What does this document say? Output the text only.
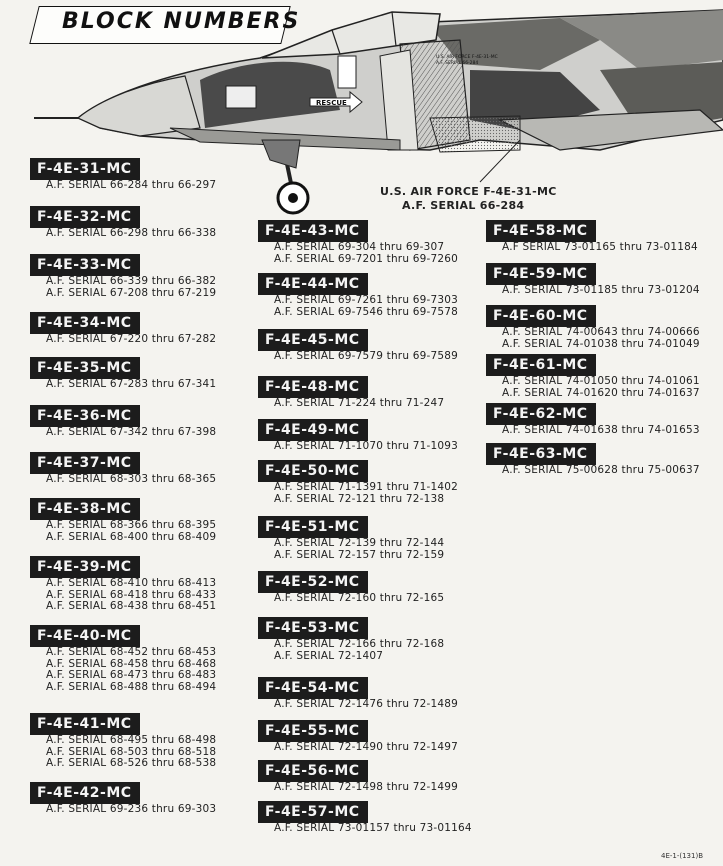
BLOCK NUMBERS
RESCUE
U.S. AIR FORCE F-4E-31-MC
A.F. SERIAL 66-284
U.S. AIR FORCE F-4E-31-MC
A.F. SERIAL 66-284
F-4E-31-MC
A.F. SERIAL 66-284 thru 66-297
F-4E-32-MC
A.F. SERIAL 66-298 thru 66-338
F-4E-33-MC
A.F. SERIAL 66-339 thru 66-382
A.F. SERIAL 67-208 thru 67-219
F-4E-34-MC
A.F. SERIAL 67-220 thru 67-282
F-4E-35-MC
A.F. SERIAL 67-283 thru 67-341
F-4E-36-MC
A.F. SERIAL 67-342 thru 67-398
F-4E-37-MC
A.F. SERIAL 68-303 thru 68-365
F-4E-38-MC
A.F. SERIAL 68-366 thru 68-395
A.F. SERIAL 68-400 thru 68-409
F-4E-39-MC
A.F. SERIAL 68-410 thru 68-413
A.F. SERIAL 68-418 thru 68-433
A.F. SERIAL 68-438 thru 68-451
F-4E-40-MC
A.F. SERIAL 68-452 thru 68-453
A.F. SERIAL 68-458 thru 68-468
A.F. SERIAL 68-473 thru 68-483
A.F. SERIAL 68-488 thru 68-494
F-4E-41-MC
A.F. SERIAL 68-495 thru 68-498
A.F. SERIAL 68-503 thru 68-518
A.F. SERIAL 68-526 thru 68-538
F-4E-42-MC
A.F. SERIAL 69-236 thru 69-303
F-4E-43-MC
A.F. SERIAL 69-304 thru 69-307
A.F. SERIAL 69-7201 thru 69-7260
F-4E-44-MC
A.F. SERIAL 69-7261 thru 69-7303
A.F. SERIAL 69-7546 thru 69-7578
F-4E-45-MC
A.F. SERIAL 69-7579 thru 69-7589
F-4E-48-MC
A.F. SERIAL 71-224 thru 71-247
F-4E-49-MC
A.F. SERIAL 71-1070 thru 71-1093
F-4E-50-MC
A.F. SERIAL 71-1391 thru 71-1402
A.F. SERIAL 72-121 thru 72-138
F-4E-51-MC
A.F. SERIAL 72-139 thru 72-144
A.F. SERIAL 72-157 thru 72-159
F-4E-52-MC
A.F. SERIAL 72-160 thru 72-165
F-4E-53-MC
A.F. SERIAL 72-166 thru 72-168
A.F. SERIAL 72-1407
F-4E-54-MC
A.F. SERIAL 72-1476 thru 72-1489
F-4E-55-MC
A.F. SERIAL 72-1490 thru 72-1497
F-4E-56-MC
A.F. SERIAL 72-1498 thru 72-1499
F-4E-57-MC
A.F. SERIAL 73-01157 thru 73-01164
F-4E-58-MC
A.F SERIAL 73-01165 thru 73-01184
F-4E-59-MC
A.F. SERIAL 73-01185 thru 73-01204
F-4E-60-MC
A.F. SERIAL 74-00643 thru 74-00666
A.F. SERIAL 74-01038 thru 74-01049
F-4E-61-MC
A.F. SERIAL 74-01050 thru 74-01061
A.F. SERIAL 74-01620 thru 74-01637
F-4E-62-MC
A.F. SERIAL 74-01638 thru 74-01653
F-4E-63-MC
A.F. SERIAL 75-00628 thru 75-00637
4E-1-(131)B
